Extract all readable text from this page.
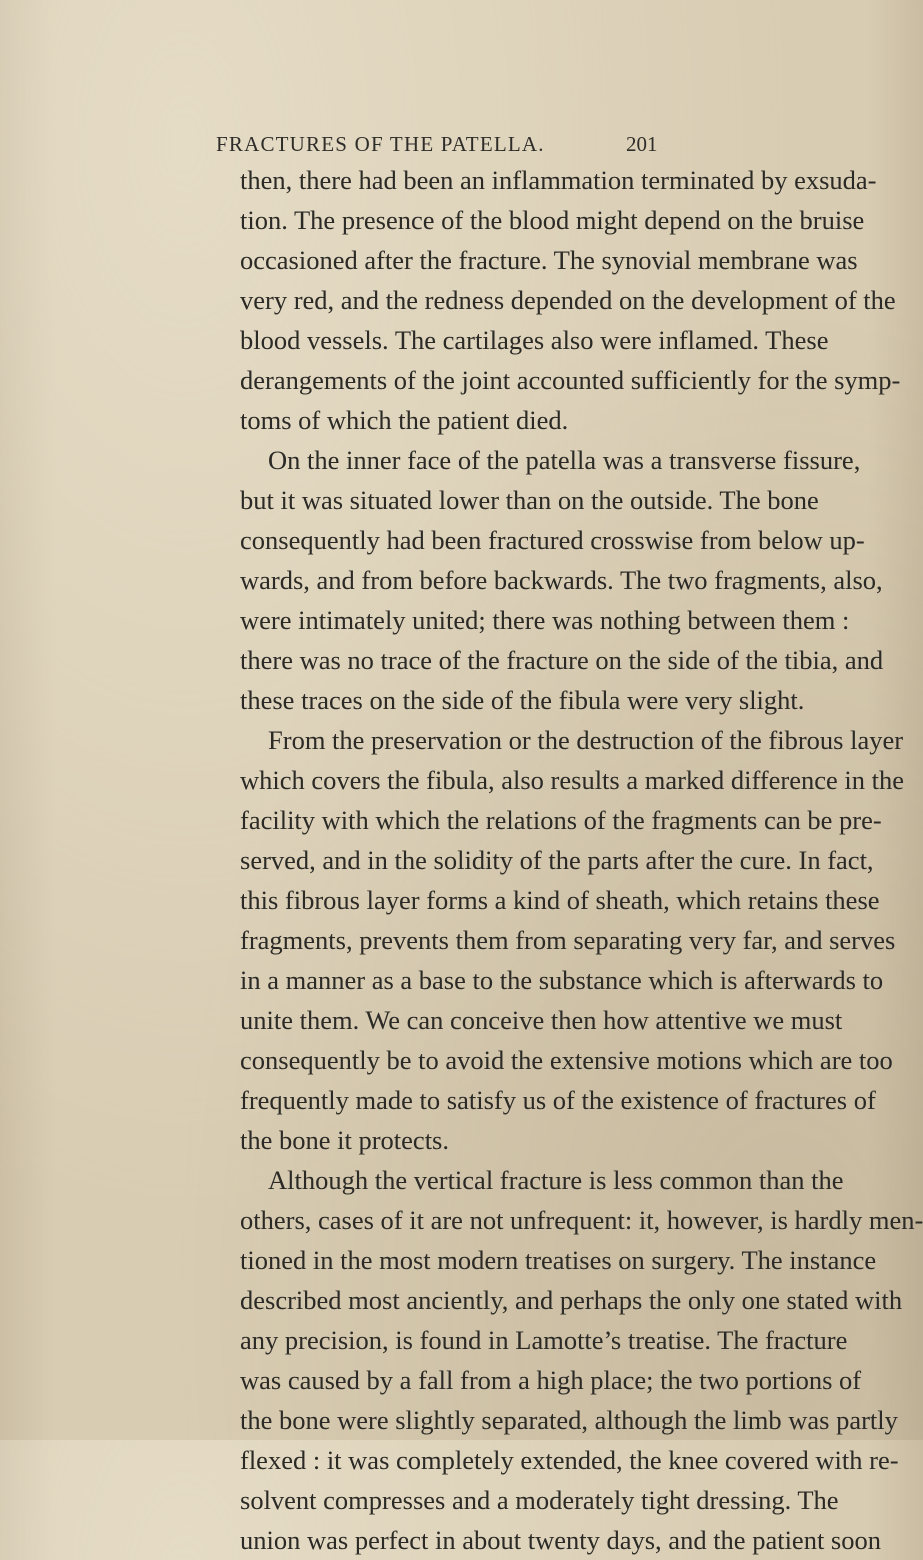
FRACTURES OF THE PATELLA.	201
then, there had been an inflammation terminated by exsuda-
tion. The presence of the blood might depend on the bruise
occasioned after the fracture. The synovial membrane was
very red, and the redness depended on the development of the
blood vessels. The cartilages also were inflamed. These
derangements of the joint accounted sufficiently for the symp-
toms of which the patient died.
On the inner face of the patella was a transverse fissure,
but it was situated lower than on the outside. The bone
consequently had been fractured crosswise from below up-
wards, and from before backwards. The two fragments, also,
were intimately united; there was nothing between them :
there was no trace of the fracture on the side of the tibia, and
these traces on the side of the fibula were very slight.
From the preservation or the destruction of the fibrous layer
which covers the fibula, also results a marked difference in the
facility with which the relations of the fragments can be pre-
served, and in the solidity of the parts after the cure. In fact,
this fibrous layer forms a kind of sheath, which retains these
fragments, prevents them from separating very far, and serves
in a manner as a base to the substance which is afterwards to
unite them. We can conceive then how attentive we must
consequently be to avoid the extensive motions which are too
frequently made to satisfy us of the existence of fractures of
the bone it protects.
Although the vertical fracture is less common than the
others, cases of it are not unfrequent: it, however, is hardly men-
tioned in the most modern treatises on surgery. The instance
described most anciently, and perhaps the only one stated with
any precision, is found in Lamotte’s treatise. The fracture
was caused by a fall from a high place; the two portions of
the bone were slightly separated, although the limb was partly
flexed : it was completely extended, the knee covered with re-
solvent compresses and a moderately tight dressing. The
union was perfect in about twenty days, and the patient soon
